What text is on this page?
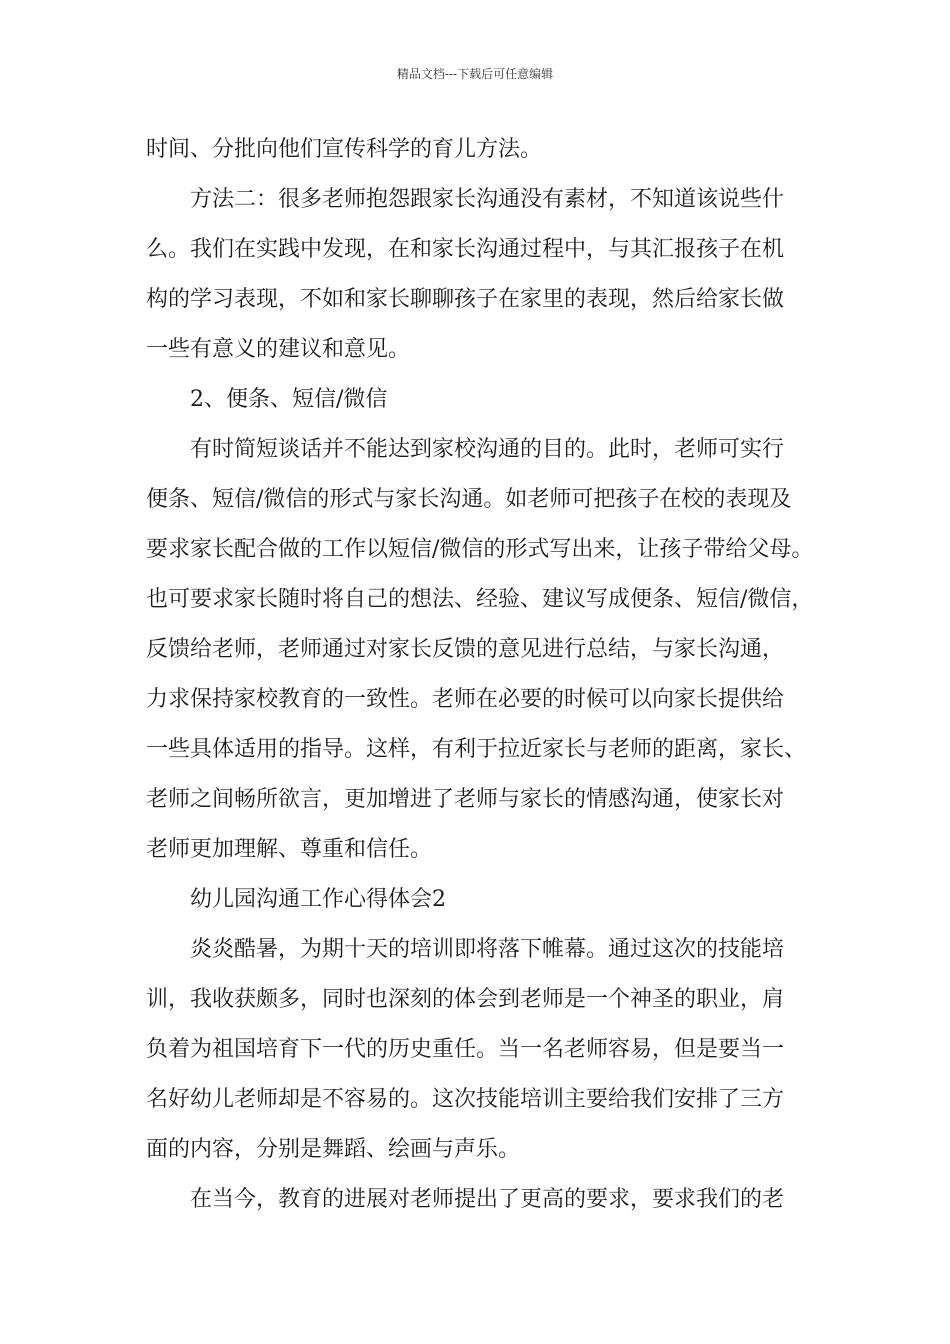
精品文档---下载后可任意编辑
时间、分批向他们宣传科学的育儿方法。
方法二：很多老师抱怨跟家长沟通没有素材，不知道该说些什
么。我们在实践中发现，在和家长沟通过程中，与其汇报孩子在机
构的学习表现，不如和家长聊聊孩子在家里的表现，然后给家长做
一些有意义的建议和意见。
2、便条、短信/微信
有时简短谈话并不能达到家校沟通的目的。此时，老师可实行
便条、短信/微信的形式与家长沟通。如老师可把孩子在校的表现及
要求家长配合做的工作以短信/微信的形式写出来，让孩子带给父母。
也可要求家长随时将自己的想法、经验、建议写成便条、短信/微信，
反馈给老师，老师通过对家长反馈的意见进行总结，与家长沟通，
力求保持家校教育的一致性。老师在必要的时候可以向家长提供给
一些具体适用的指导。这样，有利于拉近家长与老师的距离，家长、
老师之间畅所欲言，更加增进了老师与家长的情感沟通，使家长对
老师更加理解、尊重和信任。
幼儿园沟通工作心得体会2
炎炎酷暑，为期十天的培训即将落下帷幕。通过这次的技能培
训，我收获颇多，同时也深刻的体会到老师是一个神圣的职业，肩
负着为祖国培育下一代的历史重任。当一名老师容易，但是要当一
名好幼儿老师却是不容易的。这次技能培训主要给我们安排了三方
面的内容，分别是舞蹈、绘画与声乐。
在当今，教育的进展对老师提出了更高的要求，要求我们的老
